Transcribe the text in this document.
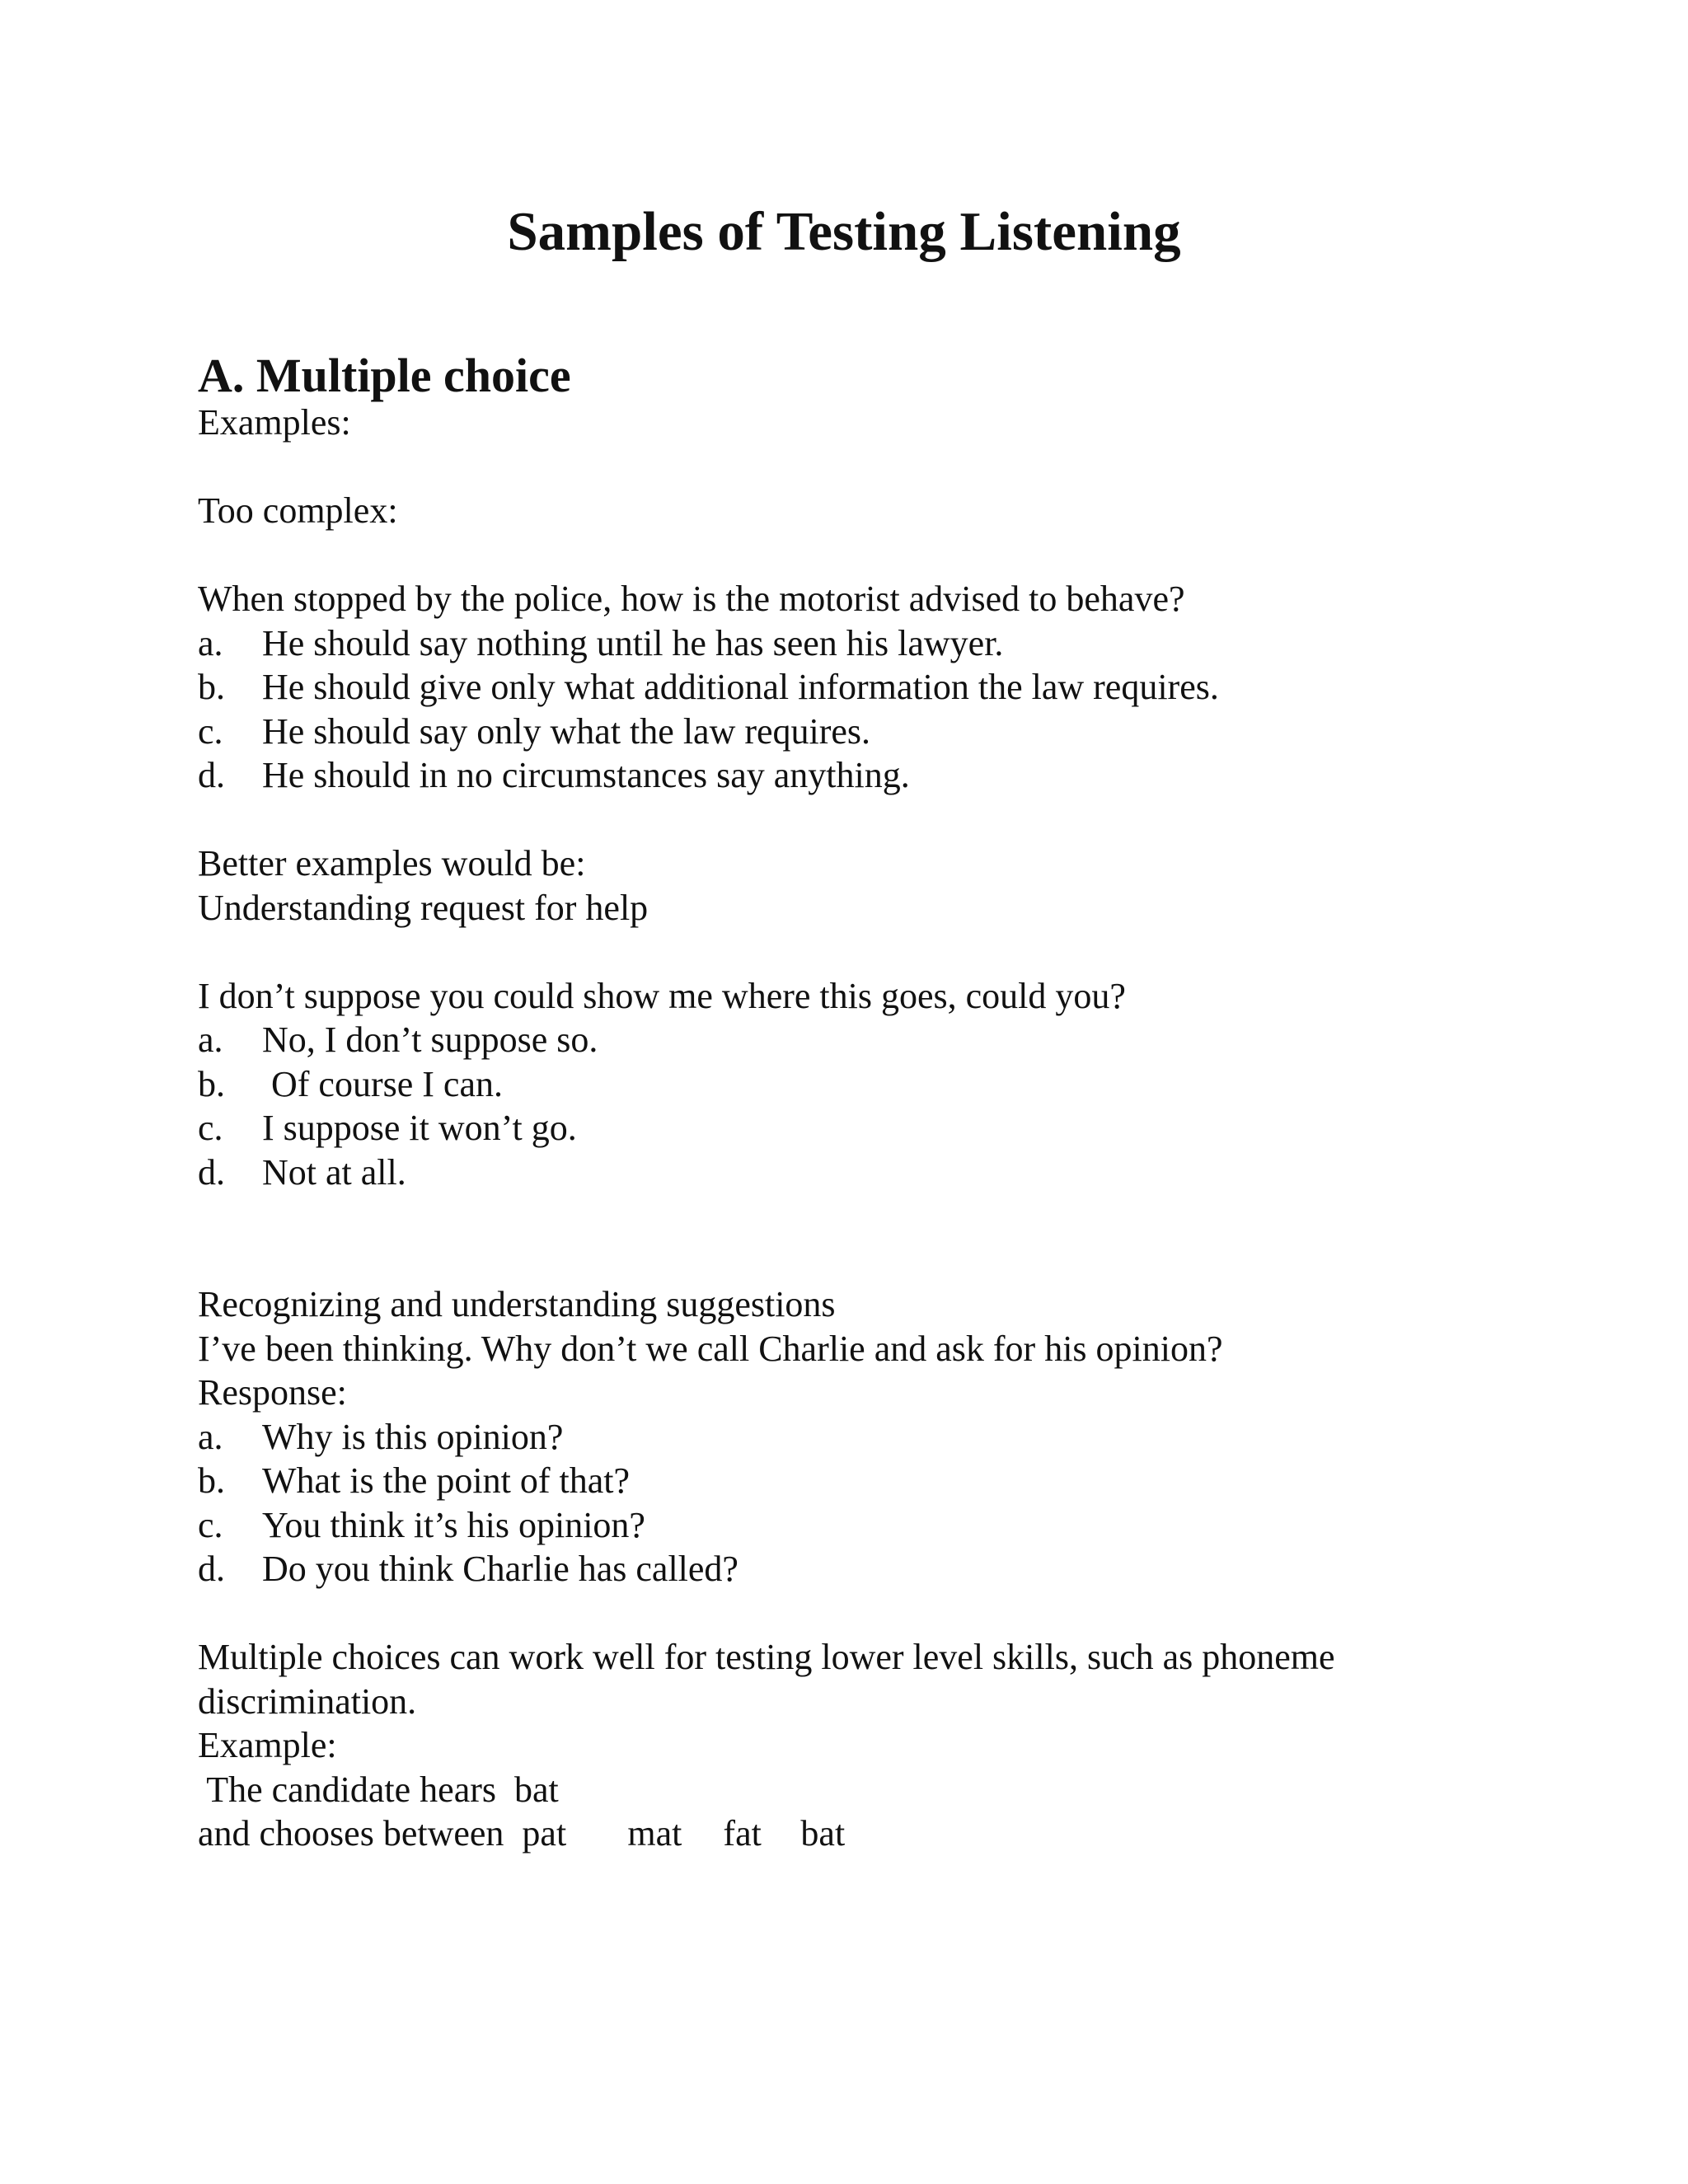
Samples of Testing Listening
A. Multiple choice
Examples:
Too complex:
When stopped by the police, how is the motorist advised to behave?
a.	He should say nothing until he has seen his lawyer.
b.	He should give only what additional information the law requires.
c.	He should say only what the law requires.
d.	He should in no circumstances say anything.
Better examples would be:
Understanding request for help
I don’t suppose you could show me where this goes, could you?
a.	No, I don’t suppose so.
b.	Of course I can.
c.	I suppose it won’t go.
d.	Not at all.
Recognizing and understanding suggestions
I’ve been thinking. Why don’t we call Charlie and ask for his opinion?
Response:
a.	Why is this opinion?
b.	What is the point of that?
c.	You think it’s his opinion?
d.	Do you think Charlie has called?
Multiple choices can work well for testing lower level skills, such as phoneme
discrimination.
Example:
The candidate hears  bat
and chooses between pat	mat	fat	bat
